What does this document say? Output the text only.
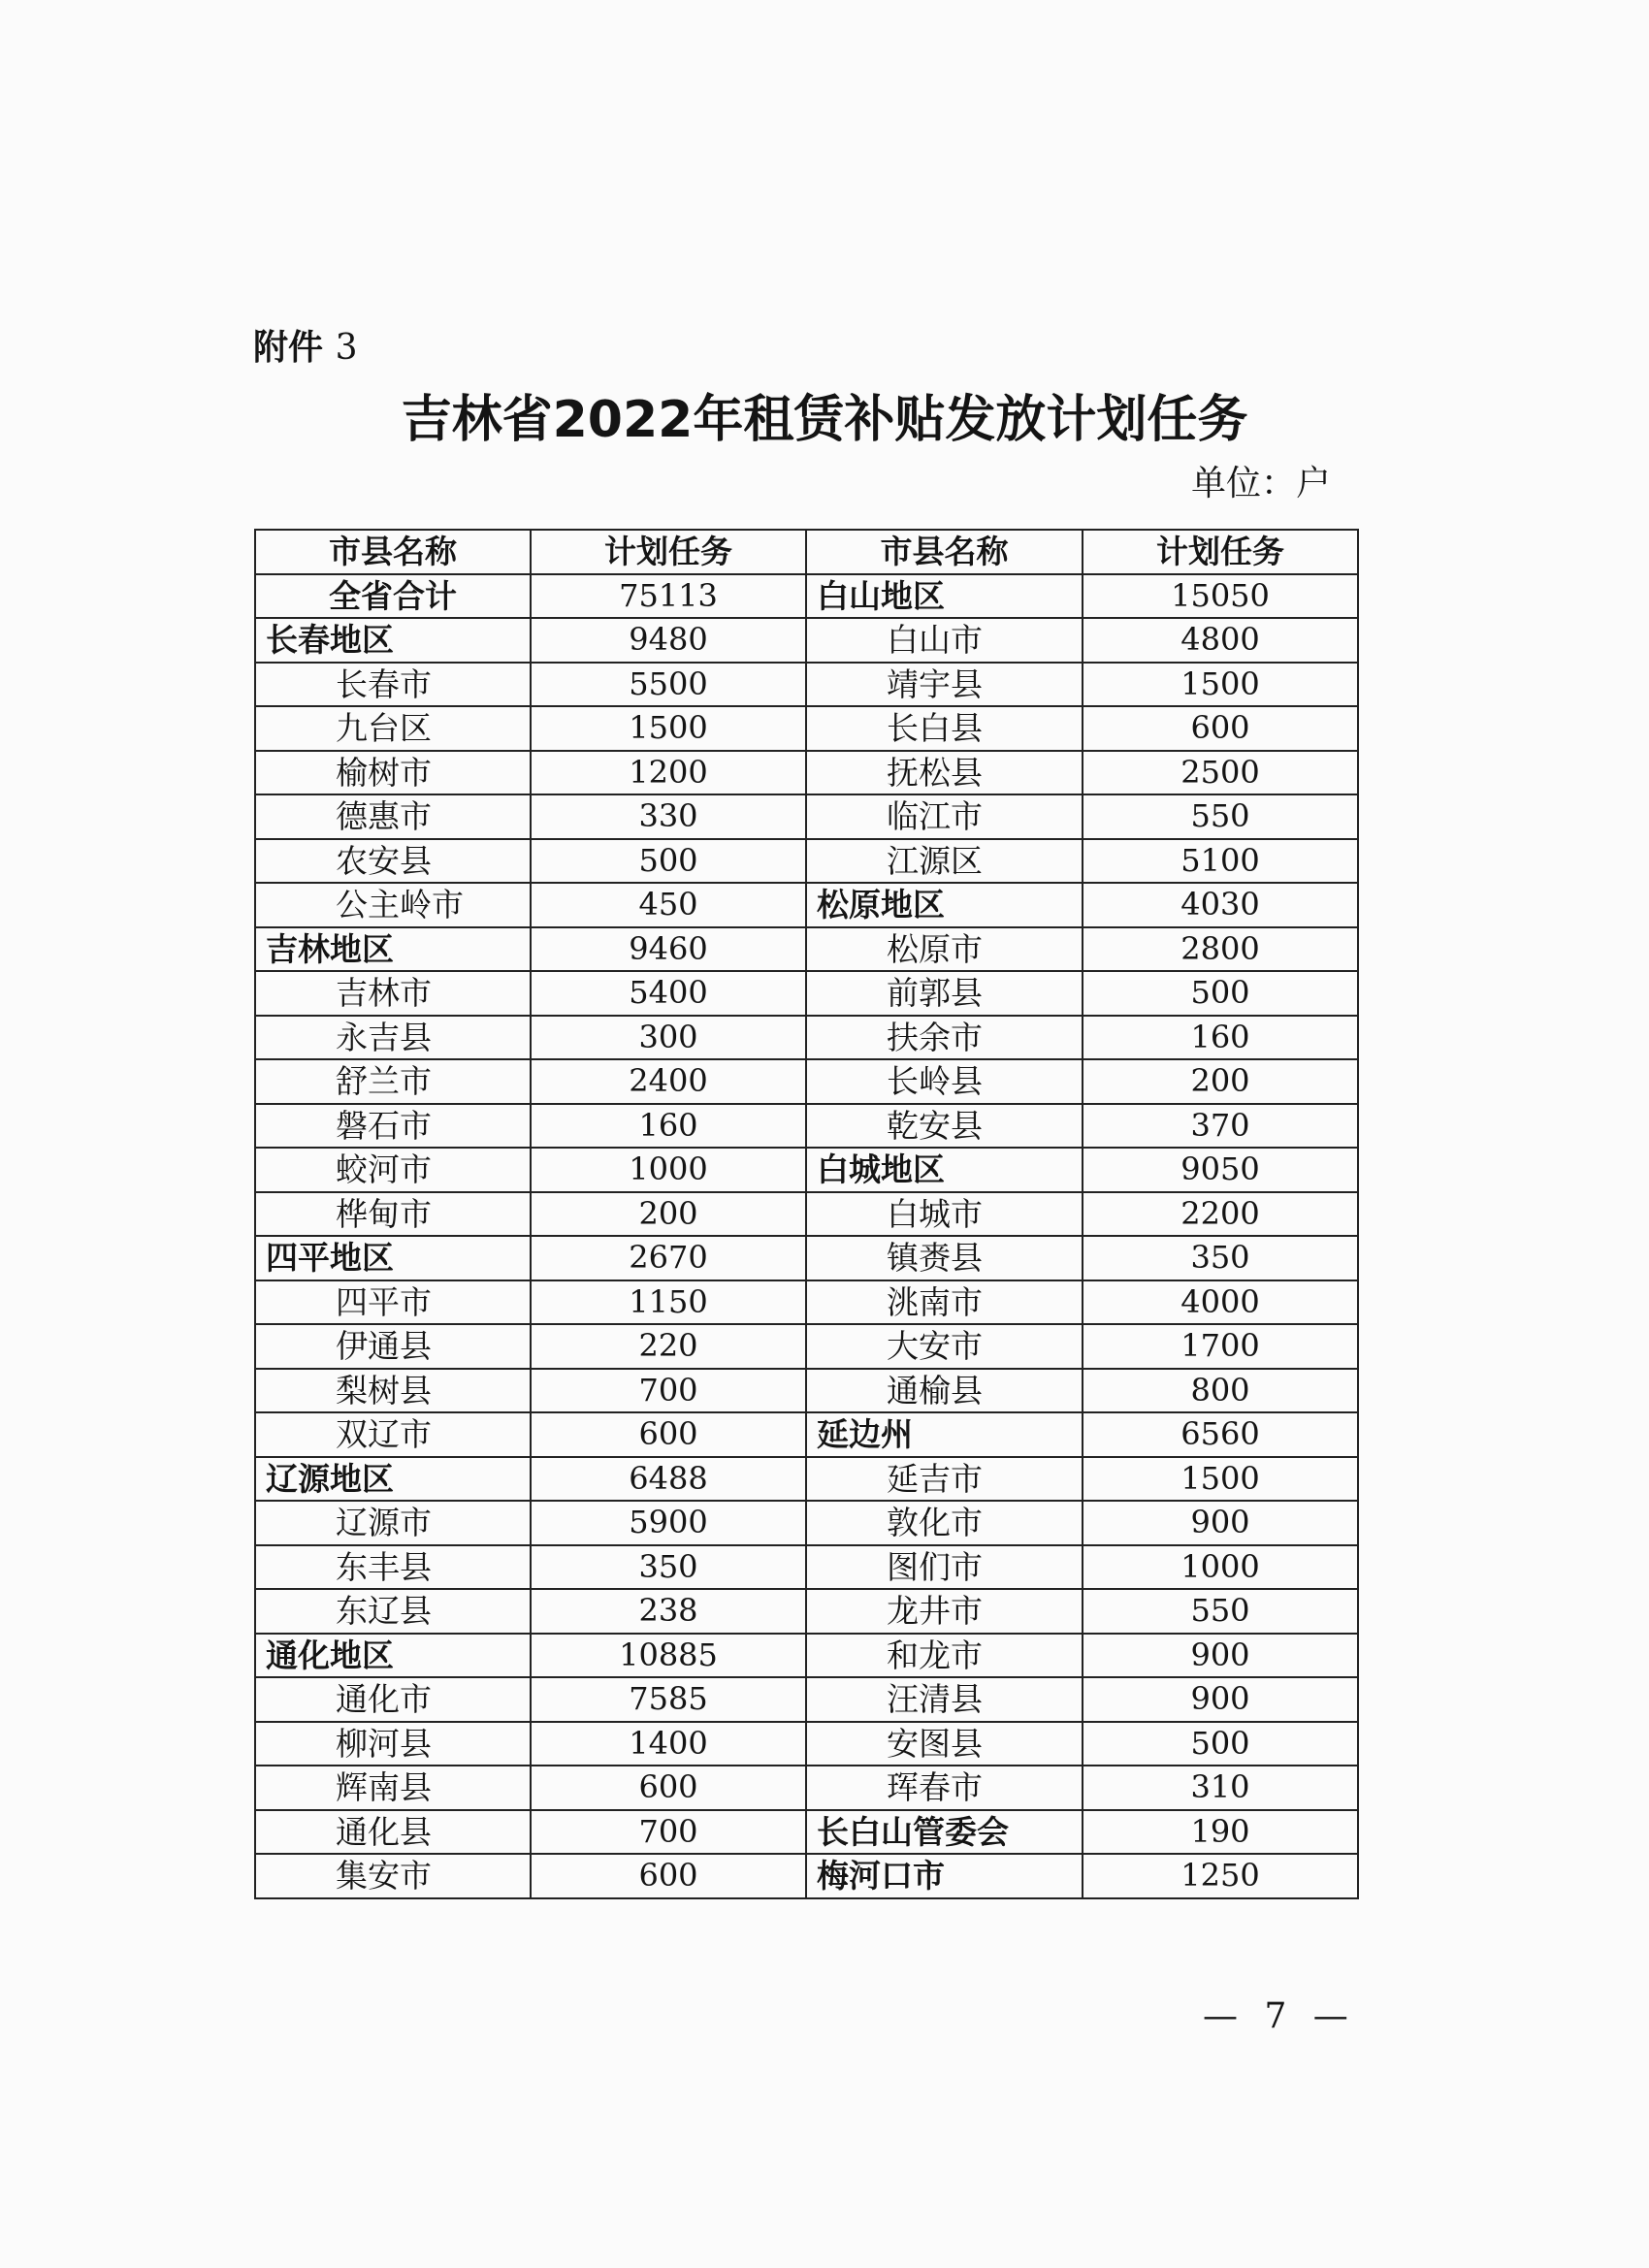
附件 3
吉林省2022年租赁补贴发放计划任务
单位：户
市县名称	计划任务	市县名称	计划任务
全省合计	75113	白山地区	15050
长春地区	9480	白山市	4800
长春市	5500	靖宇县	1500
九台区	1500	长白县	600
榆树市	1200	抚松县	2500
德惠市	330	临江市	550
农安县	500	江源区	5100
公主岭市	450	松原地区	4030
吉林地区	9460	松原市	2800
吉林市	5400	前郭县	500
永吉县	300	扶余市	160
舒兰市	2400	长岭县	200
磐石市	160	乾安县	370
蛟河市	1000	白城地区	9050
桦甸市	200	白城市	2200
四平地区	2670	镇赉县	350
四平市	1150	洮南市	4000
伊通县	220	大安市	1700
梨树县	700	通榆县	800
双辽市	600	延边州	6560
辽源地区	6488	延吉市	1500
辽源市	5900	敦化市	900
东丰县	350	图们市	1000
东辽县	238	龙井市	550
通化地区	10885	和龙市	900
通化市	7585	汪清县	900
柳河县	1400	安图县	500
辉南县	600	珲春市	310
通化县	700	长白山管委会	190
集安市	600	梅河口市	1250
— 7 —
